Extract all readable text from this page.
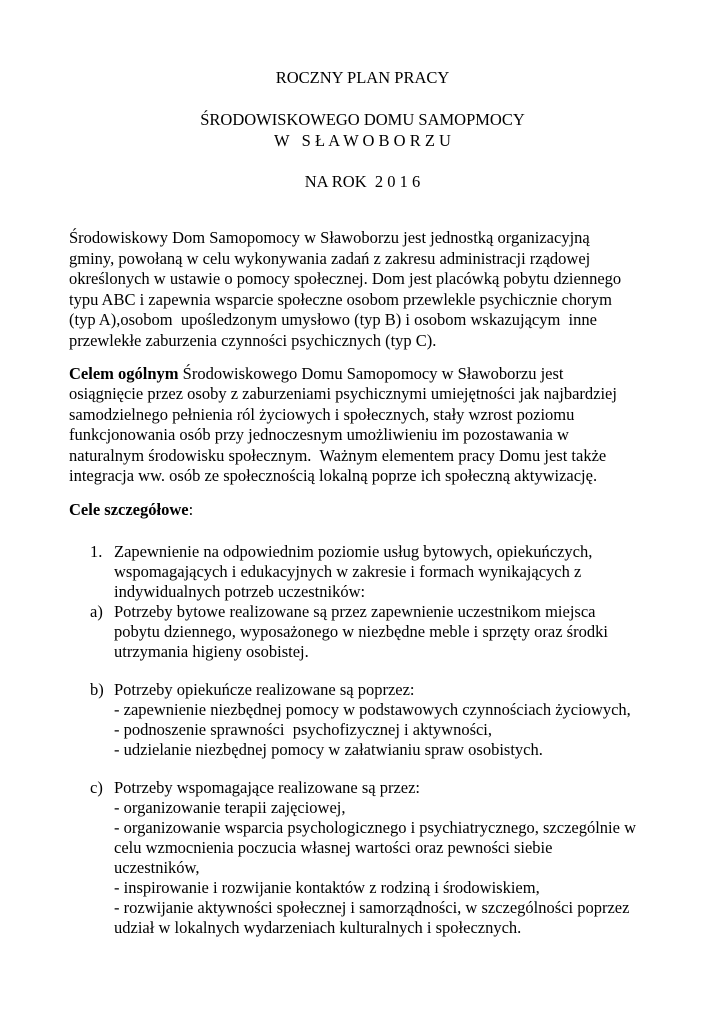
ROCZNY PLAN PRACY
ŚRODOWISKOWEGO DOMU SAMOPMOCY
W   S Ł A W O B O R Z U
NA ROK  2 0 1 6
Środowiskowy Dom Samopomocy w Sławoborzu jest jednostką organizacyjną
gminy, powołaną w celu wykonywania zadań z zakresu administracji rządowej
określonych w ustawie o pomocy społecznej. Dom jest placówką pobytu dziennego
typu ABC i zapewnia wsparcie społeczne osobom przewlekle psychicznie chorym
(typ A),osobom  upośledzonym umysłowo (typ B) i osobom wskazującym  inne
przewlekłe zaburzenia czynności psychicznych (typ C).
Celem ogólnym Środowiskowego Domu Samopomocy w Sławoborzu jest
osiągnięcie przez osoby z zaburzeniami psychicznymi umiejętności jak najbardziej
samodzielnego pełnienia ról życiowych i społecznych, stały wzrost poziomu
funkcjonowania osób przy jednoczesnym umożliwieniu im pozostawania w
naturalnym środowisku społecznym.  Ważnym elementem pracy Domu jest także
integracja ww. osób ze społecznością lokalną poprze ich społeczną aktywizację.
Cele szczegółowe:
1. Zapewnienie na odpowiednim poziomie usług bytowych, opiekuńczych,
wspomagających i edukacyjnych w zakresie i formach wynikających z
indywidualnych potrzeb uczestników:
a) Potrzeby bytowe realizowane są przez zapewnienie uczestnikom miejsca
pobytu dziennego, wyposażonego w niezbędne meble i sprzęty oraz środki
utrzymania higieny osobistej.
b) Potrzeby opiekuńcze realizowane są poprzez:
- zapewnienie niezbędnej pomocy w podstawowych czynnościach życiowych,
- podnoszenie sprawności  psychofizycznej i aktywności,
- udzielanie niezbędnej pomocy w załatwianiu spraw osobistych.
c) Potrzeby wspomagające realizowane są przez:
- organizowanie terapii zajęciowej,
- organizowanie wsparcia psychologicznego i psychiatrycznego, szczególnie w
celu wzmocnienia poczucia własnej wartości oraz pewności siebie
uczestników,
- inspirowanie i rozwijanie kontaktów z rodziną i środowiskiem,
- rozwijanie aktywności społecznej i samorządności, w szczególności poprzez
udział w lokalnych wydarzeniach kulturalnych i społecznych.
